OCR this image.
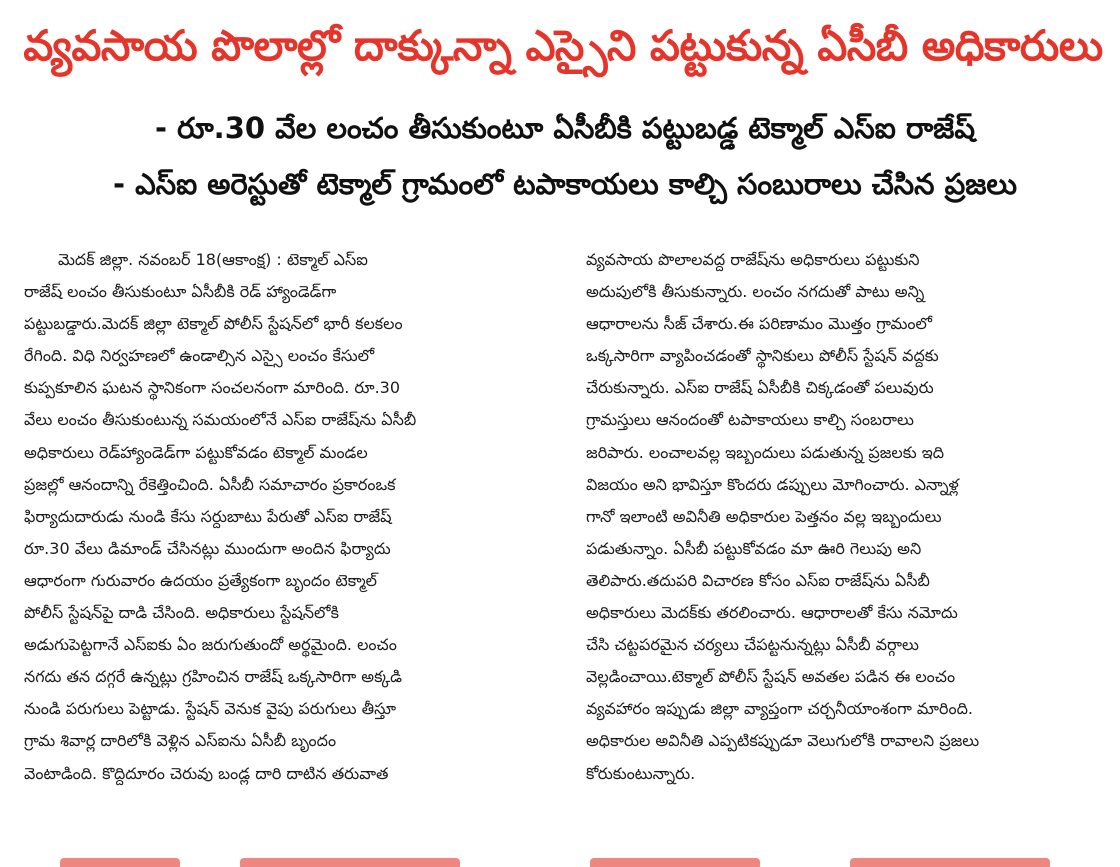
వ్యవసాయ పొలాల్లో దాక్కున్నా ఎస్సైని పట్టుకున్న ఏసీబీ అధికారులు
- రూ.30 వేల లంచం తీసుకుంటూ ఏసీబీకి పట్టుబడ్డ టెక్మాల్ ఎస్ఐ రాజేష్
- ఎస్ఐ అరెస్టుతో టెక్మాల్ గ్రామంలో టపాకాయలు కాల్చి సంబురాలు చేసిన ప్రజలు
మెదక్ జిల్లా. నవంబర్ 18(ఆకాంక్ష) : టెక్మాల్ ఎస్ఐ
రాజేష్ లంచం తీసుకుంటూ ఏసీబీకి రెడ్ హ్యాండెడ్‌గా
పట్టుబడ్డారు.మెదక్ జిల్లా టెక్మాల్ పోలీస్ స్టేషన్‌లో భారీ కలకలం
రేగింది. విధి నిర్వహణలో ఉండాల్సిన ఎస్సై లంచం కేసులో
కుప్పకూలిన ఘటన స్థానికంగా సంచలనంగా మారింది. రూ.30
వేలు లంచం తీసుకుంటున్న సమయంలోనే ఎస్ఐ రాజేష్‌ను ఏసీబీ
అధికారులు రెడ్‌హ్యాండెడ్‌గా పట్టుకోవడం టెక్మాల్ మండల
ప్రజల్లో ఆనందాన్ని రేకెత్తించింది. ఏసీబీ సమాచారం ప్రకారంఒక
ఫిర్యాదుదారుడు నుండి కేసు సర్దుబాటు పేరుతో ఎస్ఐ రాజేష్
రూ.30 వేలు డిమాండ్ చేసినట్లు ముందుగా అందిన ఫిర్యాదు
ఆధారంగా గురువారం ఉదయం ప్రత్యేకంగా బృందం టెక్మాల్
పోలీస్ స్టేషన్‌పై దాడి చేసింది. అధికారులు స్టేషన్‌లోకి
అడుగుపెట్టగానే ఎస్ఐకు ఏం జరుగుతుందో అర్థమైంది. లంచం
నగదు తన దగ్గరే ఉన్నట్లు గ్రహించిన రాజేష్ ఒక్కసారిగా అక్కడి
నుండి పరుగులు పెట్టాడు. స్టేషన్ వెనుక వైపు పరుగులు తీస్తూ
గ్రామ శివార్ల దారిలోకి వెళ్లిన ఎస్ఐను ఏసీబీ బృందం
వెంటాడింది. కొద్దిదూరం చెరువు బండ్ల దారి దాటిన తరువాత
వ్యవసాయ పొలాలవద్ద రాజేష్‌ను అధికారులు పట్టుకుని
అదుపులోకి తీసుకున్నారు. లంచం నగదుతో పాటు అన్ని
ఆధారాలను సీజ్ చేశారు.ఈ పరిణామం మొత్తం గ్రామంలో
ఒక్కసారిగా వ్యాపించడంతో స్థానికులు పోలీస్ స్టేషన్ వద్దకు
చేరుకున్నారు. ఎస్ఐ రాజేష్ ఏసీబీకి చిక్కడంతో పలువురు
గ్రామస్తులు ఆనందంతో టపాకాయలు కాల్చి సంబరాలు
జరిపారు. లంచాలవల్ల ఇబ్బందులు పడుతున్న ప్రజలకు ఇది
విజయం అని భావిస్తూ కొందరు డప్పులు మోగించారు. ఎన్నాళ్ల
గానో ఇలాంటి అవినీతి అధికారుల పెత్తనం వల్ల ఇబ్బందులు
పడుతున్నాం. ఏసీబీ పట్టుకోవడం మా ఊరి గెలుపు అని
తెలిపారు.తదుపరి విచారణ కోసం ఎస్ఐ రాజేష్‌ను ఏసీబీ
అధికారులు మెదక్‌కు తరలించారు. ఆధారాలతో కేసు నమోదు
చేసి చట్టపరమైన చర్యలు చేపట్టనున్నట్లు ఏసీబీ వర్గాలు
వెల్లడించాయి.టెక్మాల్ పోలీస్ స్టేషన్ అవతల పడిన ఈ లంచం
వ్యవహారం ఇప్పుడు జిల్లా వ్యాప్తంగా చర్చనీయాంశంగా మారింది.
అధికారుల అవినీతి ఎప్పటికప్పుడూ వెలుగులోకి రావాలని ప్రజలు
కోరుకుంటున్నారు.
